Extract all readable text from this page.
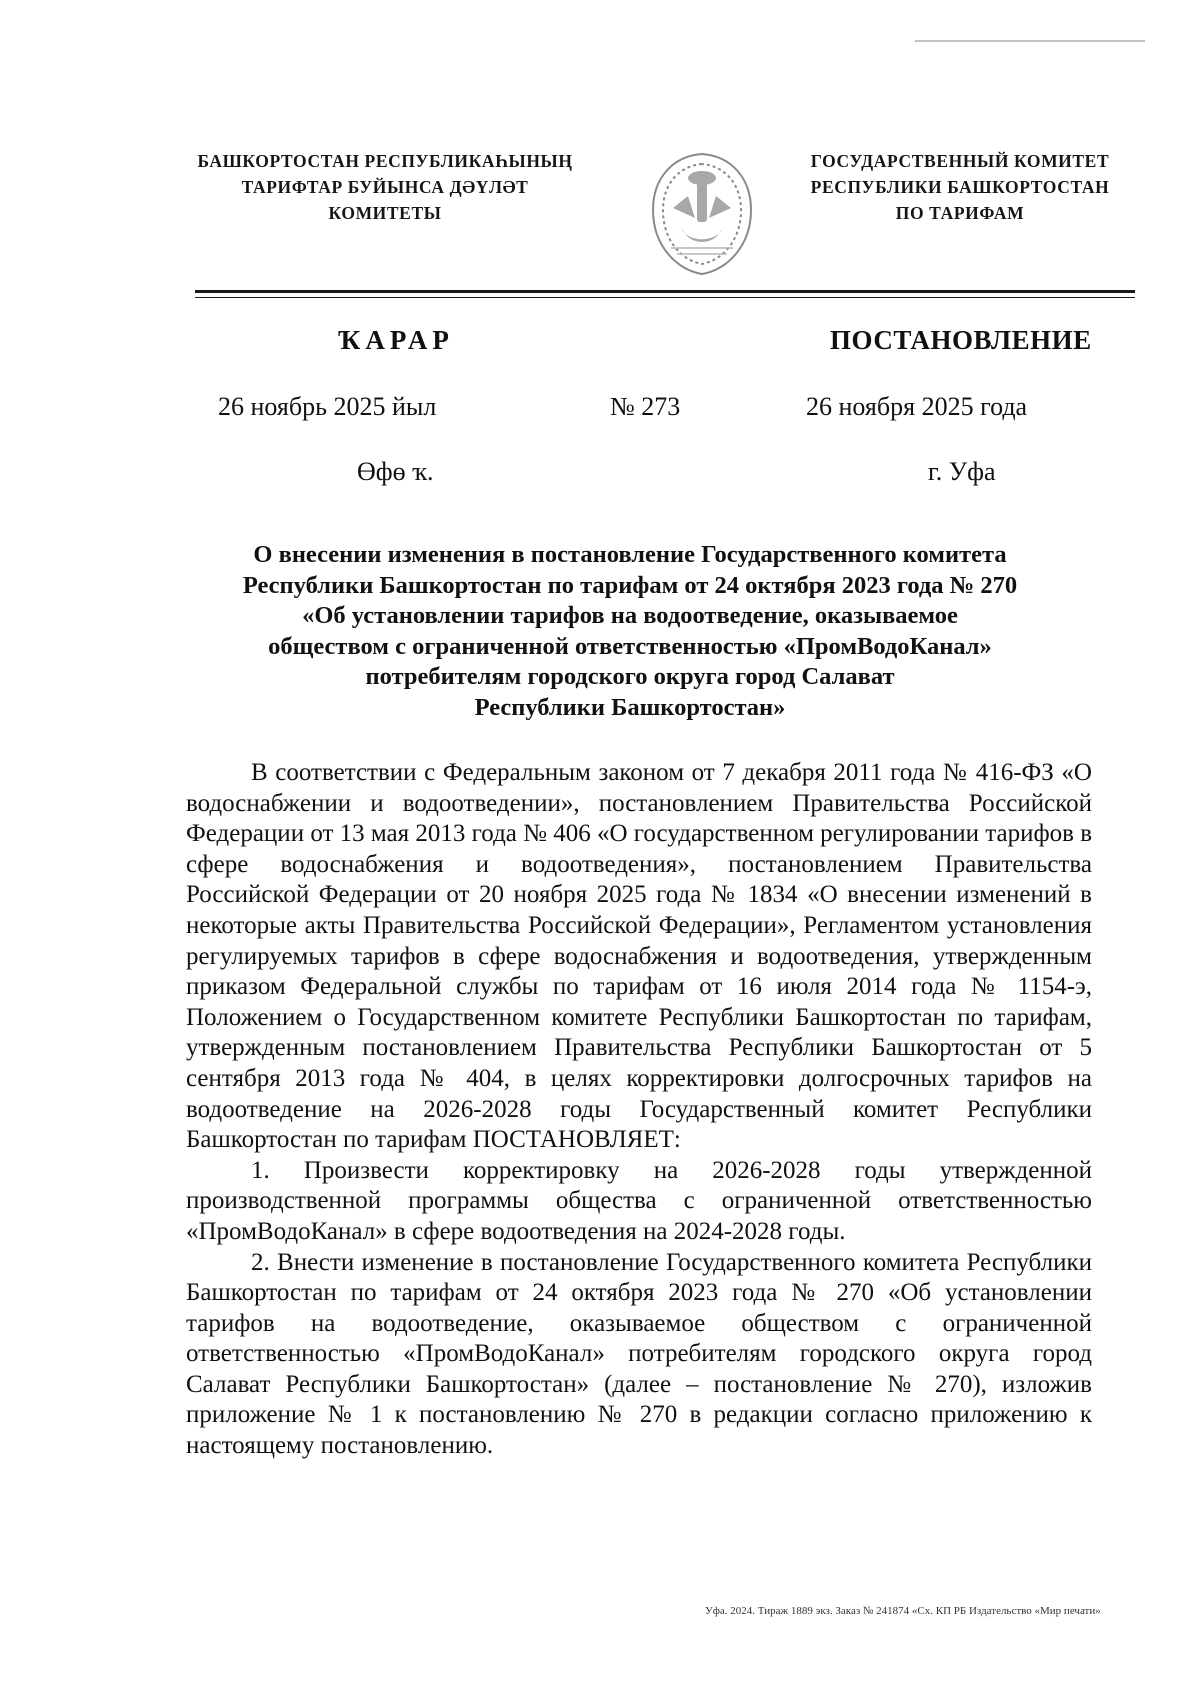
БАШКОРТОСТАН РЕСПУБЛИКАҺЫНЫҢ
ТАРИФТАР БУЙЫНСА ДӘҮЛӘТ
КОМИТЕТЫ
ГОСУДАРСТВЕННЫЙ КОМИТЕТ
РЕСПУБЛИКИ БАШКОРТОСТАН
ПО ТАРИФАМ
ҠАРАР	ПОСТАНОВЛЕНИЕ
26 ноябрь 2025 йыл	№ 273	26 ноября 2025 года
Өфө ҡ.	г. Уфа
О внесении изменения в постановление Государственного комитета
Республики Башкортостан по тарифам от 24 октября 2023 года № 270
«Об установлении тарифов на водоотведение, оказываемое
обществом с ограниченной ответственностью «ПромВодоКанал»
потребителям городского округа город Салават
Республики Башкортостан»

В соответствии с Федеральным законом от 7 декабря 2011 года № 416-ФЗ «О водоснабжении и водоотведении», постановлением Правительства Российской Федерации от 13 мая 2013 года № 406 «О государственном регулировании тарифов в сфере водоснабжения и водоотведения», постановлением Правительства Российской Федерации от 20 ноября 2025 года № 1834 «О внесении изменений в некоторые акты Правительства Российской Федерации», Регламентом установления регулируемых тарифов в сфере водоснабжения и водоотведения, утвержденным приказом Федеральной службы по тарифам от 16 июля 2014 года № 1154-э, Положением о Государственном комитете Республики Башкортостан по тарифам, утвержденным постановлением Правительства Республики Башкортостан от 5 сентября 2013 года № 404, в целях корректировки долгосрочных тарифов на водоотведение на 2026-2028 годы Государственный комитет Республики Башкортостан по тарифам ПОСТАНОВЛЯЕТ:

1. Произвести корректировку на 2026-2028 годы утвержденной производственной программы общества с ограниченной ответственностью «ПромВодоКанал» в сфере водоотведения на 2024-2028 годы.

2. Внести изменение в постановление Государственного комитета Республики Башкортостан по тарифам от 24 октября 2023 года № 270 «Об установлении тарифов на водоотведение, оказываемое обществом с ограниченной ответственностью «ПромВодоКанал» потребителям городского округа город Салават Республики Башкортостан» (далее – постановление № 270), изложив приложение № 1 к постановлению № 270 в редакции согласно приложению к настоящему постановлению.

Уфа. 2024. Тираж 1889 экз. Заказ № 241874 «Сх. КП РБ Издательство «Мир печати»
